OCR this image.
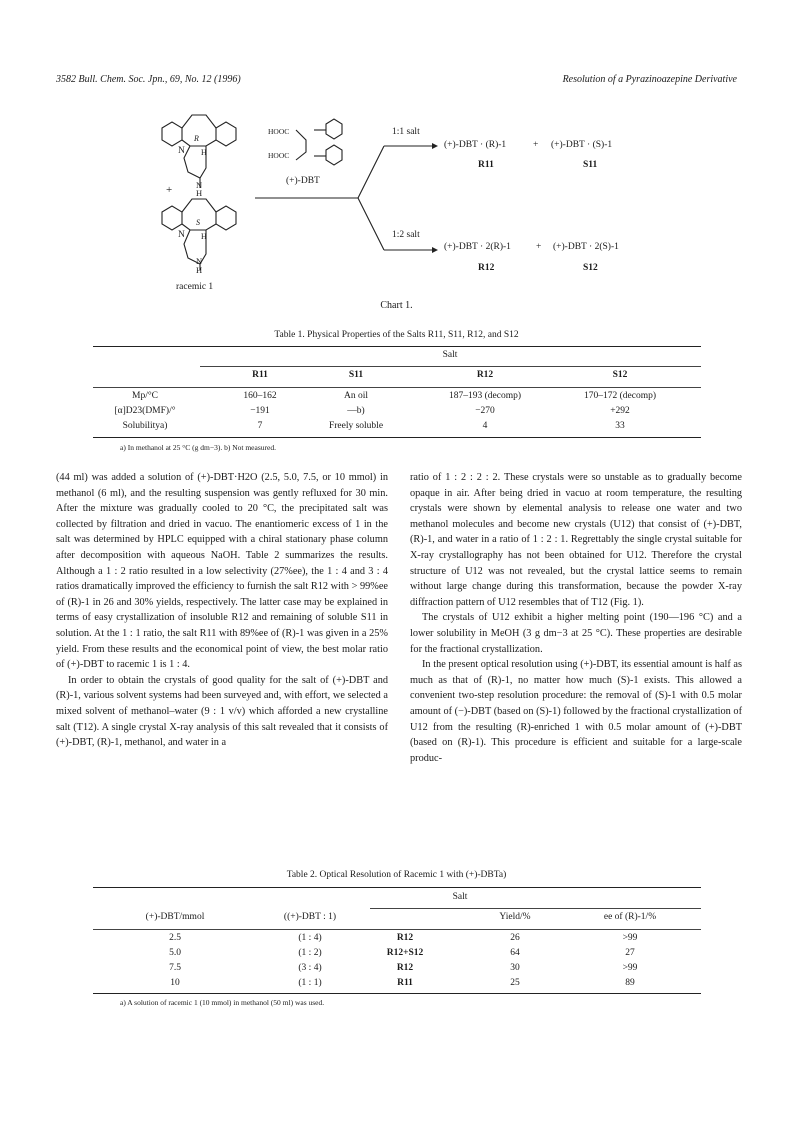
3582 Bull. Chem. Soc. Jpn., 69, No. 12 (1996)	Resolution of a Pyrazinoazepine Derivative
R
N H
N
H
+
S
N H
N
H
HOOC
HOOC
(+)-DBT
racemic 1
1:1 salt
1:2 salt
(+)-DBT · (R)-1	+ (+)-DBT · (S)-1
R11	S11
(+)-DBT · 2(R)-1	+ (+)-DBT · 2(S)-1
R12	S12
Chart 1.
Table 1. Physical Properties of the Salts R11, S11, R12, and S12
Salt
R11	S11	R12	S12
Mp/°C	160–162	An oil	187–193 (decomp)	170–172 (decomp)
[α]D23(DMF)/°	−191	—b)	−270	+292
Solubilitya)	7	Freely soluble	4	33
a) In methanol at 25 °C (g dm−3). b) Not measured.

(44 ml) was added a solution of (+)-DBT·H2O (2.5, 5.0, 7.5, or 10 mmol) in methanol (6 ml), and the resulting suspension was gently refluxed for 30 min. After the mixture was gradually cooled to 20 °C, the precipitated salt was collected by filtration and dried in vacuo. The enantiomeric excess of 1 in the salt was determined by HPLC equipped with a chiral stationary phase column after decomposition with aqueous NaOH. Table 2 summarizes the results. Although a 1 : 2 ratio resulted in a low selectivity (27%ee), the 1 : 4 and 3 : 4 ratios dramatically improved the efficiency to furnish the salt R12 with > 99%ee of (R)-1 in 26 and 30% yields, respectively. The latter case may be explained in terms of easy crystallization of insoluble R12 and remaining of soluble S11 in solution. At the 1 : 1 ratio, the salt R11 with 89%ee of (R)-1 was given in a 25% yield. From these results and the economical point of view, the best molar ratio of (+)-DBT to racemic 1 is 1 : 4.

In order to obtain the crystals of good quality for the salt of (+)-DBT and (R)-1, various solvent systems had been surveyed and, with effort, we selected a mixed solvent of methanol–water (9 : 1 v/v) which afforded a new crystalline salt (T12). A single crystal X-ray analysis of this salt revealed that it consists of (+)-DBT, (R)-1, methanol, and water in a

ratio of 1 : 2 : 2 : 2. These crystals were so unstable as to gradually become opaque in air. After being dried in vacuo at room temperature, the resulting crystals were shown by elemental analysis to release one water and two methanol molecules and become new crystals (U12) that consist of (+)-DBT, (R)-1, and water in a ratio of 1 : 2 : 1. Regrettably the single crystal suitable for X-ray crystallography has not been obtained for U12. Therefore the crystal structure of U12 was not revealed, but the crystal lattice seems to remain without large change during this transformation, because the powder X-ray diffraction pattern of U12 resembles that of T12 (Fig. 1).

The crystals of U12 exhibit a higher melting point (190—196 °C) and a lower solubility in MeOH (3 g dm−3 at 25 °C). These properties are desirable for the fractional crystallization.

In the present optical resolution using (+)-DBT, its essential amount is half as much as that of (R)-1, no matter how much (S)-1 exists. This allowed a convenient two-step resolution procedure: the removal of (S)-1 with 0.5 molar amount of (−)-DBT (based on (S)-1) followed by the fractional crystallization of U12 from the resulting (R)-enriched 1 with 0.5 molar amount of (+)-DBT (based on (R)-1). This procedure is efficient and suitable for a large-scale produc-

Table 2. Optical Resolution of Racemic 1 with (+)-DBTa)
Salt
(+)-DBT/mmol	((+)-DBT : 1)	Yield/%	ee of (R)-1/%
2.5	(1 : 4)	R12	26	>99
5.0	(1 : 2)	R12+S12	64	27
7.5	(3 : 4)	R12	30	>99
10	(1 : 1)	R11	25	89
a) A solution of racemic 1 (10 mmol) in methanol (50 ml) was used.
